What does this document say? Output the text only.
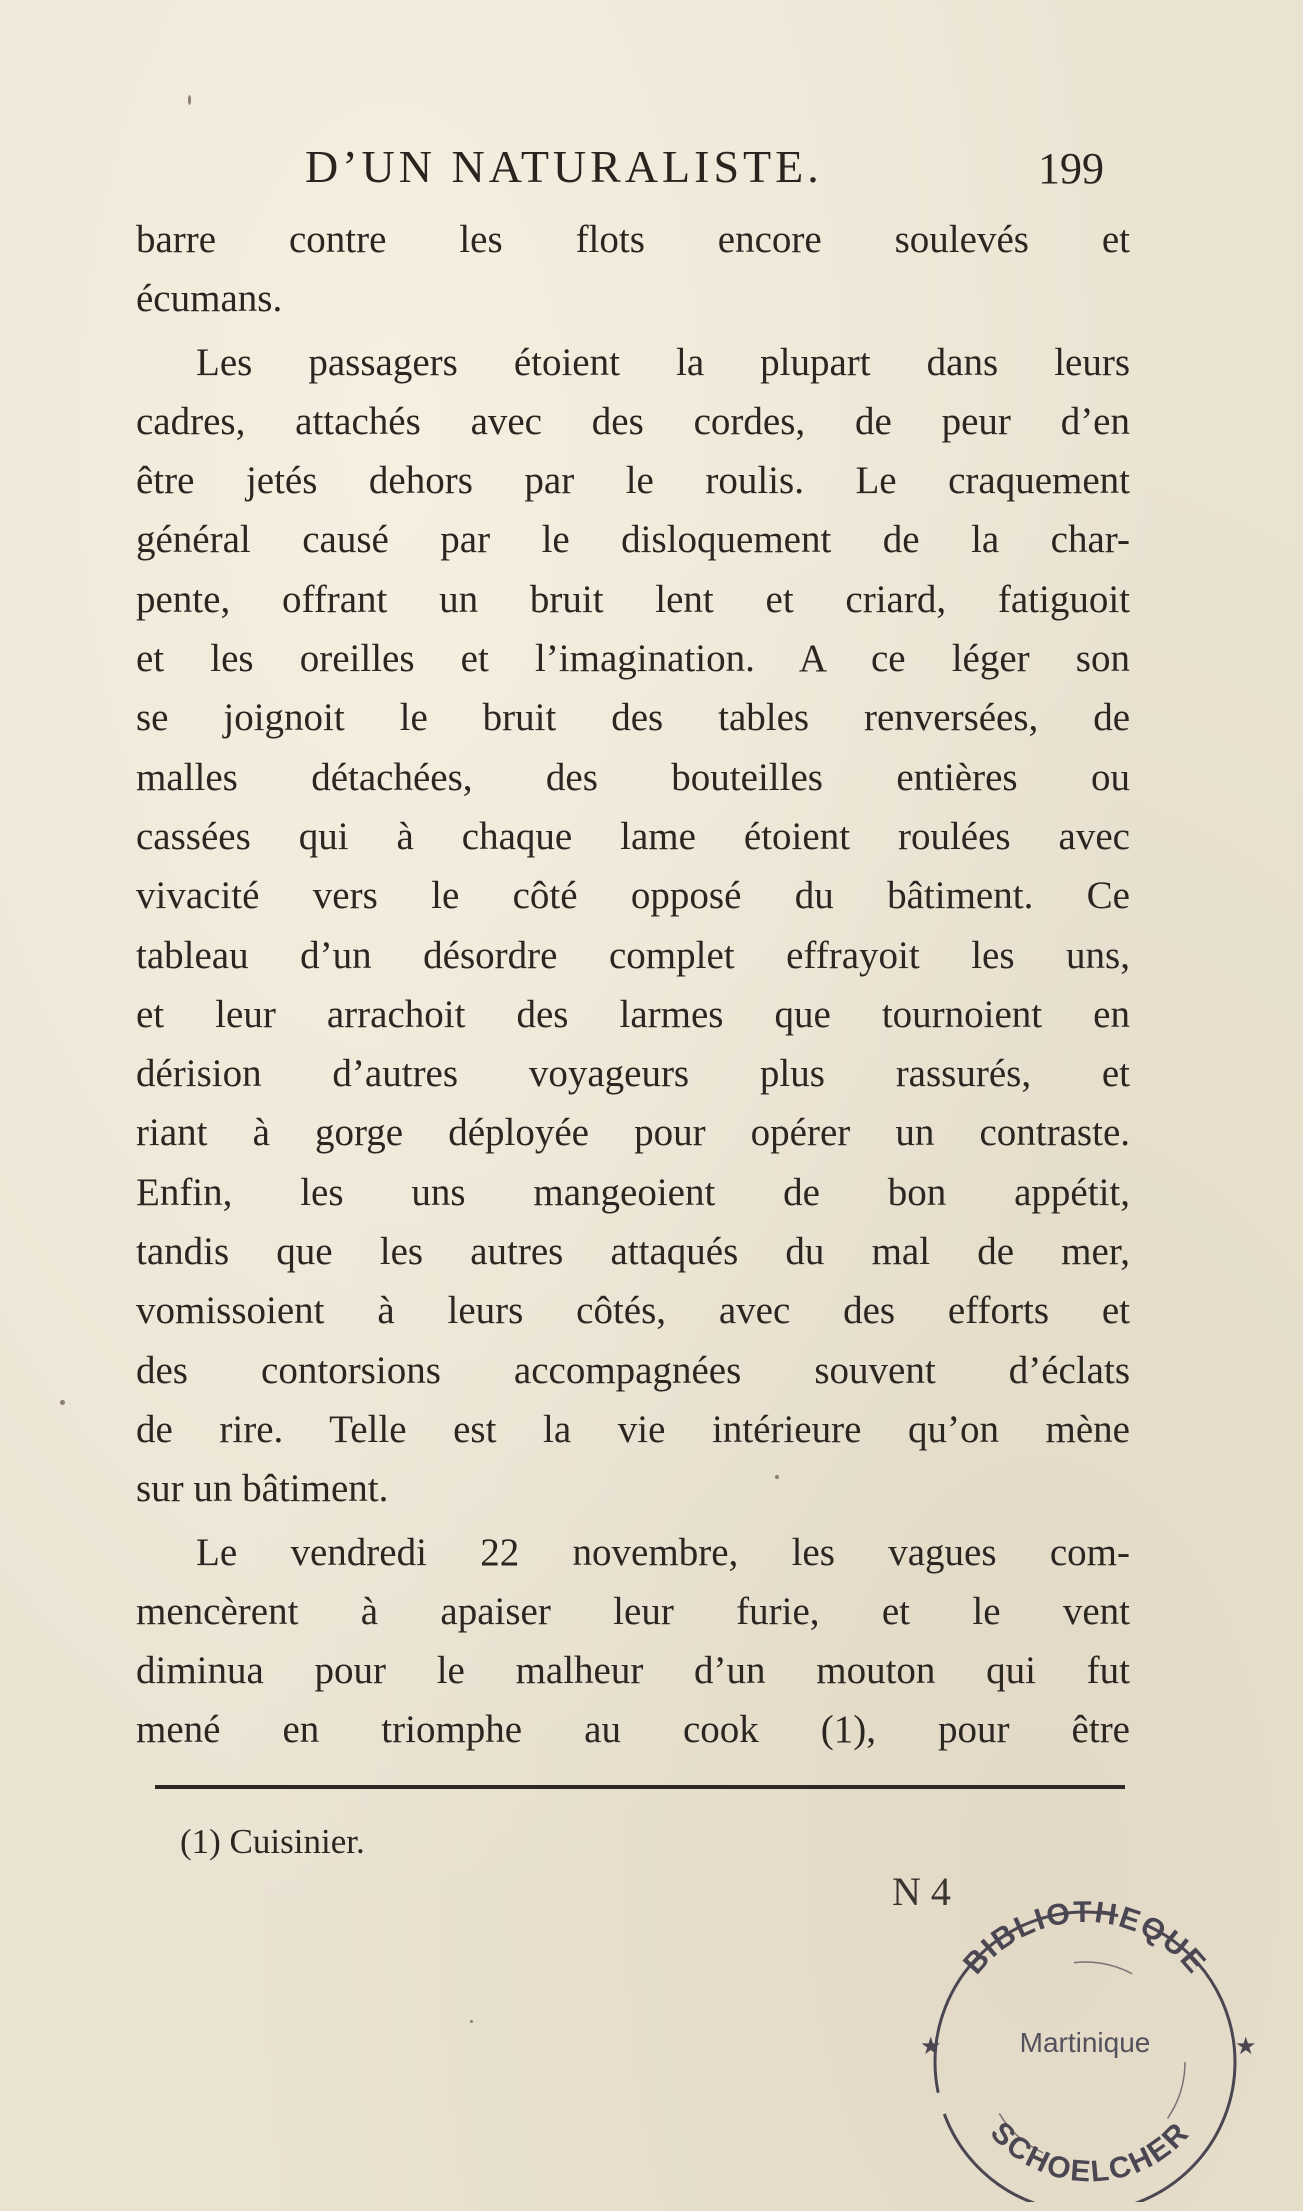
D’UN NATURALISTE.	199
barre contre les flots encore soulevés et
écumans.
Les passagers étoient la plupart dans leurs
cadres, attachés avec des cordes, de peur d’en
être jetés dehors par le roulis. Le craquement
général causé par le disloquement de la char-
pente, offrant un bruit lent et criard, fatiguoit
et les oreilles et l’imagination. A ce léger son
se joignoit le bruit des tables renversées, de
malles détachées, des bouteilles entières ou
cassées qui à chaque lame étoient roulées avec
vivacité vers le côté opposé du bâtiment. Ce
tableau d’un désordre complet effrayoit les uns,
et leur arrachoit des larmes que tournoient en
dérision d’autres voyageurs plus rassurés, et
riant à gorge déployée pour opérer un contraste.
Enfin, les uns mangeoient de bon appétit,
tandis que les autres attaqués du mal de mer,
vomissoient à leurs côtés, avec des efforts et
des contorsions accompagnées souvent d’éclats
de rire. Telle est la vie intérieure qu’on mène
sur un bâtiment.
Le vendredi 22 novembre, les vagues com-
mencèrent à apaiser leur furie, et le vent
diminua pour le malheur d’un mouton qui fut
mené en triomphe au cook (1), pour être
(1) Cuisinier.
N 4
BIBLIOTHEQUE
Martinique
★	★
SCHOELCHER
